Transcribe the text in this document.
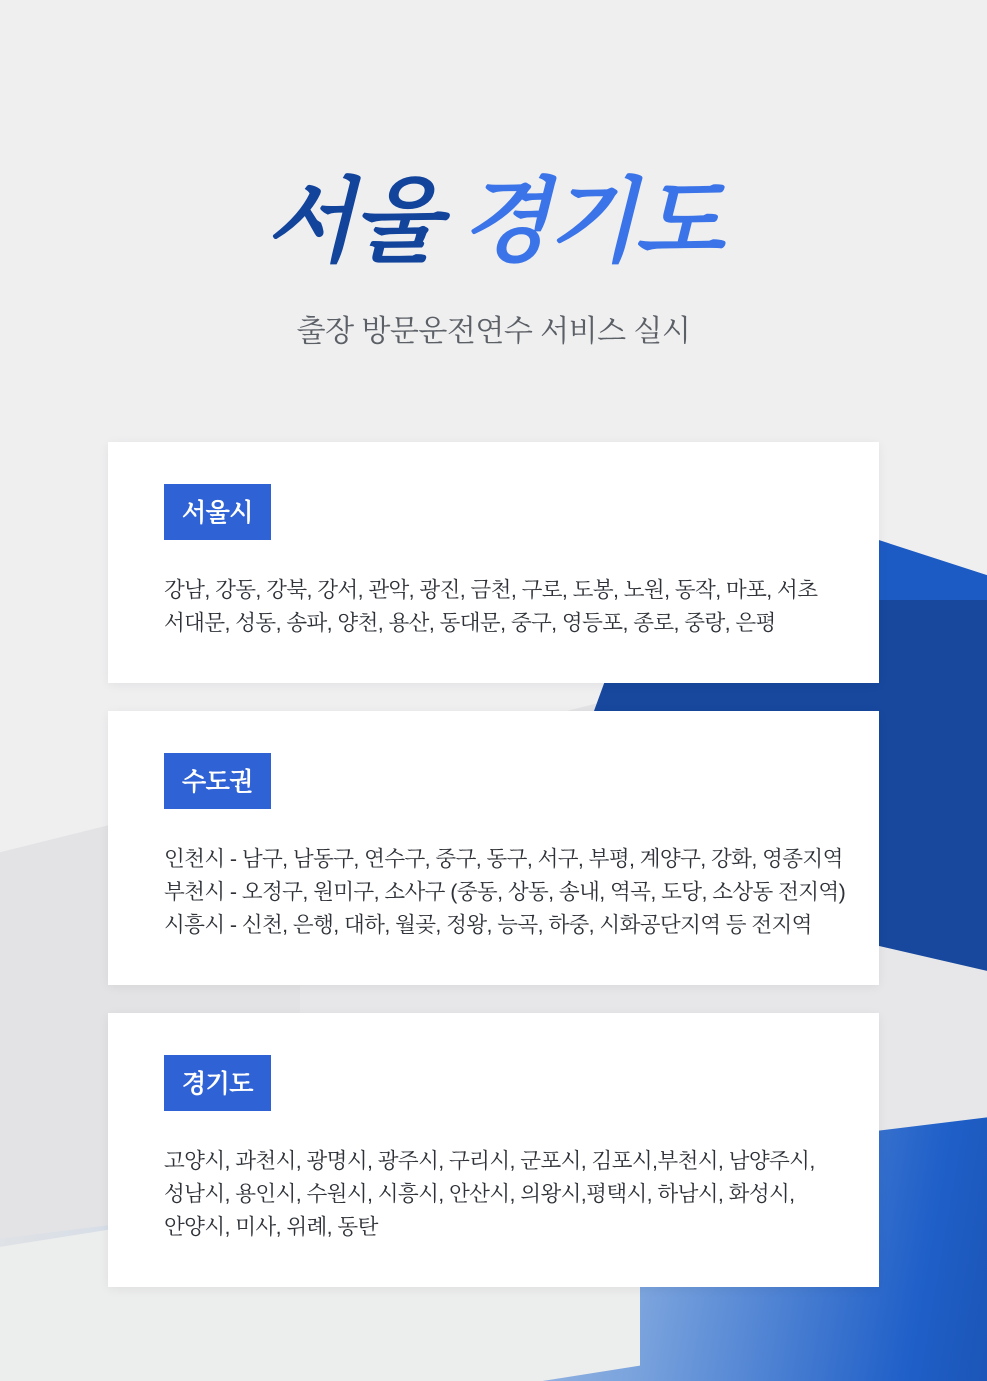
서울 경기도

출장 방문운전연수 서비스 실시

서울시
강남, 강동, 강북, 강서, 관악, 광진, 금천, 구로, 도봉, 노원, 동작, 마포, 서초
서대문, 성동, 송파, 양천, 용산, 동대문, 중구, 영등포, 종로, 중랑, 은평
수도권
인천시 - 남구, 남동구, 연수구, 중구, 동구, 서구, 부평, 계양구, 강화, 영종지역
부천시 - 오정구, 원미구, 소사구 (중동, 상동, 송내, 역곡, 도당, 소상동 전지역)
시흥시 - 신천, 은행, 대하, 월곶, 정왕, 능곡, 하중, 시화공단지역 등 전지역
경기도
고양시, 과천시, 광명시, 광주시, 구리시, 군포시, 김포시,부천시, 남양주시,
성남시, 용인시, 수원시, 시흥시, 안산시, 의왕시,평택시, 하남시, 화성시,
안양시, 미사, 위례, 동탄
